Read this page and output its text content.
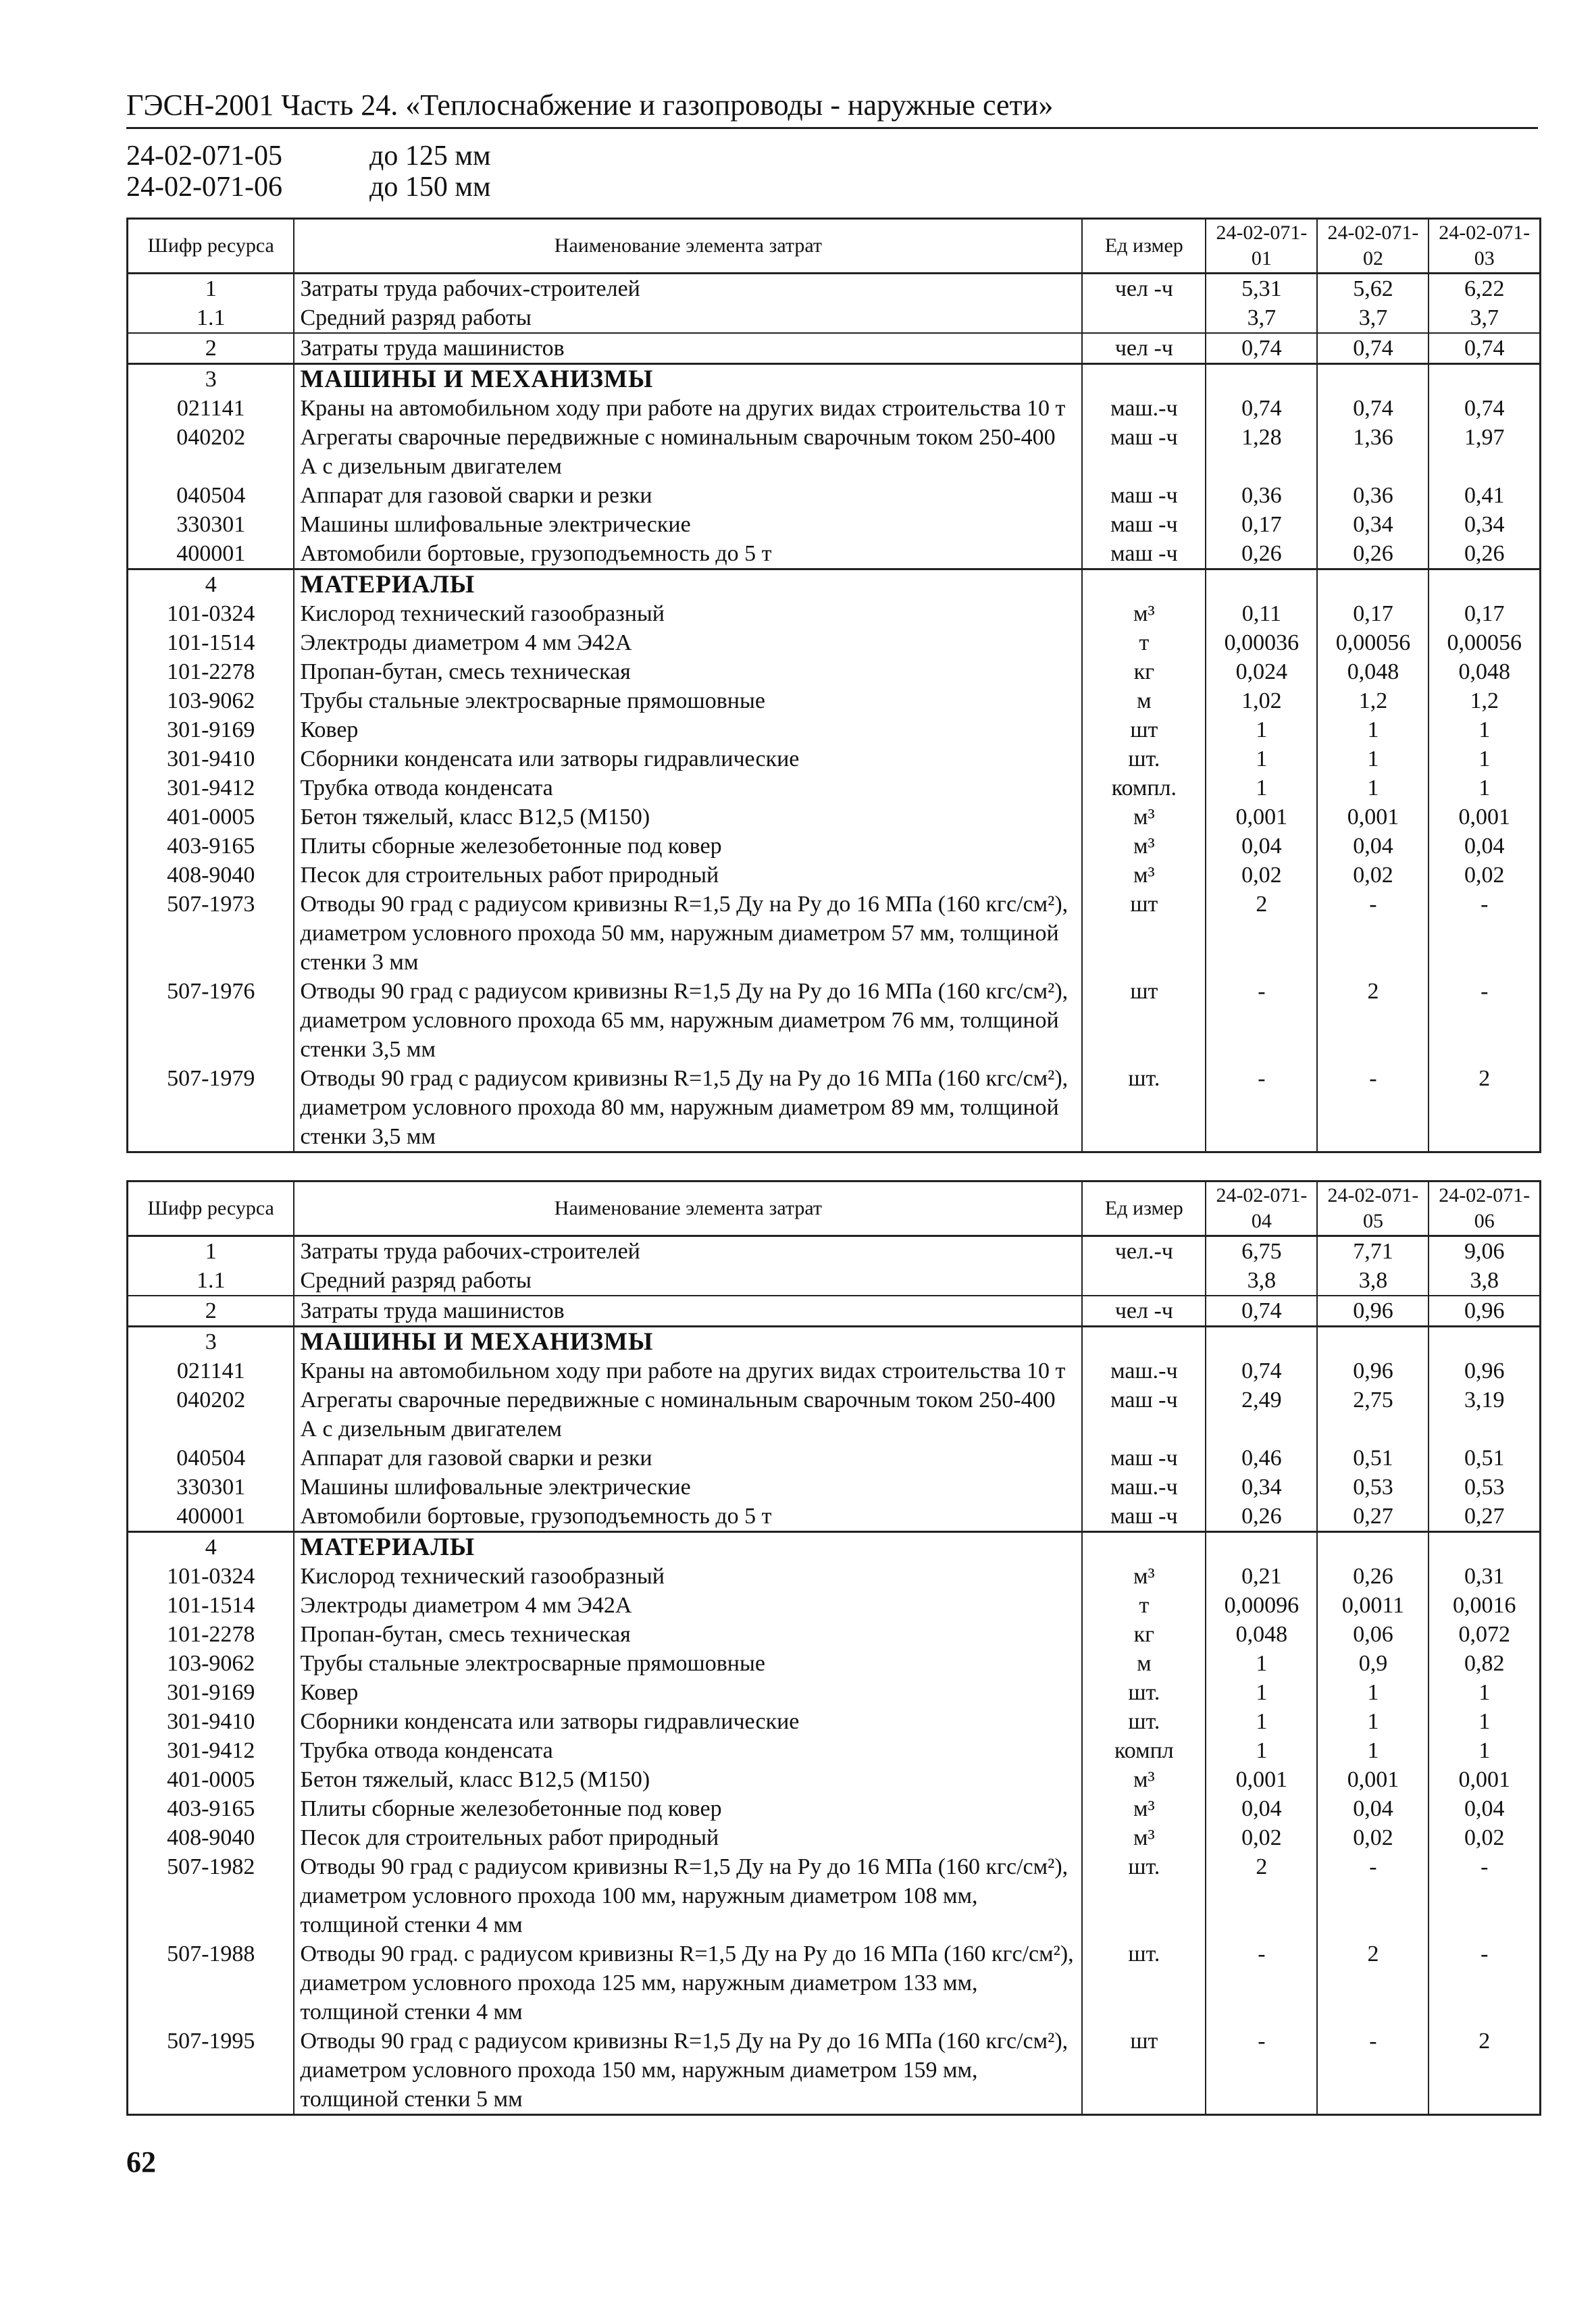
ГЭСН-2001 Часть 24. «Теплоснабжение и газопроводы - наружные сети»
24-02-071-05	до 125 мм
24-02-071-06	до 150 мм
Шифр ресурса	Наименование элемента затрат	Ед измер	24-02-071-01	24-02-071-02	24-02-071-03
1	Затраты труда рабочих-строителей	чел -ч	5,31	5,62	6,22
1.1	Средний разряд работы		3,7	3,7	3,7
2	Затраты труда машинистов	чел -ч	0,74	0,74	0,74
3	МАШИНЫ И МЕХАНИЗМЫ				
021141	Краны на автомобильном ходу при работе на других видах строительства 10 т	маш.-ч	0,74	0,74	0,74
040202	Агрегаты сварочные передвижные с номинальным сварочным током 250-400 А с дизельным двигателем	маш -ч	1,28	1,36	1,97
040504	Аппарат для газовой сварки и резки	маш -ч	0,36	0,36	0,41
330301	Машины шлифовальные электрические	маш -ч	0,17	0,34	0,34
400001	Автомобили бортовые, грузоподъемность до 5 т	маш -ч	0,26	0,26	0,26
4	МАТЕРИАЛЫ				
101-0324	Кислород технический газообразный	м³	0,11	0,17	0,17
101-1514	Электроды диаметром 4 мм Э42А	т	0,00036	0,00056	0,00056
101-2278	Пропан-бутан, смесь техническая	кг	0,024	0,048	0,048
103-9062	Трубы стальные электросварные прямошовные	м	1,02	1,2	1,2
301-9169	Ковер	шт	1	1	1
301-9410	Сборники конденсата или затворы гидравлические	шт.	1	1	1
301-9412	Трубка отвода конденсата	компл.	1	1	1
401-0005	Бетон тяжелый, класс В12,5 (М150)	м³	0,001	0,001	0,001
403-9165	Плиты сборные железобетонные под ковер	м³	0,04	0,04	0,04
408-9040	Песок для строительных работ природный	м³	0,02	0,02	0,02
507-1973	Отводы 90 град с радиусом кривизны R=1,5 Ду на Ру до 16 МПа (160 кгс/см²), диаметром условного прохода 50 мм, наружным диаметром 57 мм, толщиной стенки 3 мм	шт	2	-	-
507-1976	Отводы 90 град с радиусом кривизны R=1,5 Ду на Ру до 16 МПа (160 кгс/см²), диаметром условного прохода 65 мм, наружным диаметром 76 мм, толщиной стенки 3,5 мм	шт	-	2	-
507-1979	Отводы 90 град с радиусом кривизны R=1,5 Ду на Ру до 16 МПа (160 кгс/см²), диаметром условного прохода 80 мм, наружным диаметром 89 мм, толщиной стенки 3,5 мм	шт.	-	-	2
Шифр ресурса	Наименование элемента затрат	Ед измер	24-02-071-04	24-02-071-05	24-02-071-06
1	Затраты труда рабочих-строителей	чел.-ч	6,75	7,71	9,06
1.1	Средний разряд работы		3,8	3,8	3,8
2	Затраты труда машинистов	чел -ч	0,74	0,96	0,96
3	МАШИНЫ И МЕХАНИЗМЫ				
021141	Краны на автомобильном ходу при работе на других видах строительства 10 т	маш.-ч	0,74	0,96	0,96
040202	Агрегаты сварочные передвижные с номинальным сварочным током 250-400 А с дизельным двигателем	маш -ч	2,49	2,75	3,19
040504	Аппарат для газовой сварки и резки	маш -ч	0,46	0,51	0,51
330301	Машины шлифовальные электрические	маш.-ч	0,34	0,53	0,53
400001	Автомобили бортовые, грузоподъемность до 5 т	маш -ч	0,26	0,27	0,27
4	МАТЕРИАЛЫ				
101-0324	Кислород технический газообразный	м³	0,21	0,26	0,31
101-1514	Электроды диаметром 4 мм Э42А	т	0,00096	0,0011	0,0016
101-2278	Пропан-бутан, смесь техническая	кг	0,048	0,06	0,072
103-9062	Трубы стальные электросварные прямошовные	м	1	0,9	0,82
301-9169	Ковер	шт.	1	1	1
301-9410	Сборники конденсата или затворы гидравлические	шт.	1	1	1
301-9412	Трубка отвода конденсата	компл	1	1	1
401-0005	Бетон тяжелый, класс В12,5 (М150)	м³	0,001	0,001	0,001
403-9165	Плиты сборные железобетонные под ковер	м³	0,04	0,04	0,04
408-9040	Песок для строительных работ природный	м³	0,02	0,02	0,02
507-1982	Отводы 90 град с радиусом кривизны R=1,5 Ду на Ру до 16 МПа (160 кгс/см²), диаметром условного прохода 100 мм, наружным диаметром 108 мм, толщиной стенки 4 мм	шт.	2	-	-
507-1988	Отводы 90 град. с радиусом кривизны R=1,5 Ду на Ру до 16 МПа (160 кгс/см²), диаметром условного прохода 125 мм, наружным диаметром 133 мм, толщиной стенки 4 мм	шт.	-	2	-
507-1995	Отводы 90 град с радиусом кривизны R=1,5 Ду на Ру до 16 МПа (160 кгс/см²), диаметром условного прохода 150 мм, наружным диаметром 159 мм, толщиной стенки 5 мм	шт	-	-	2
62
